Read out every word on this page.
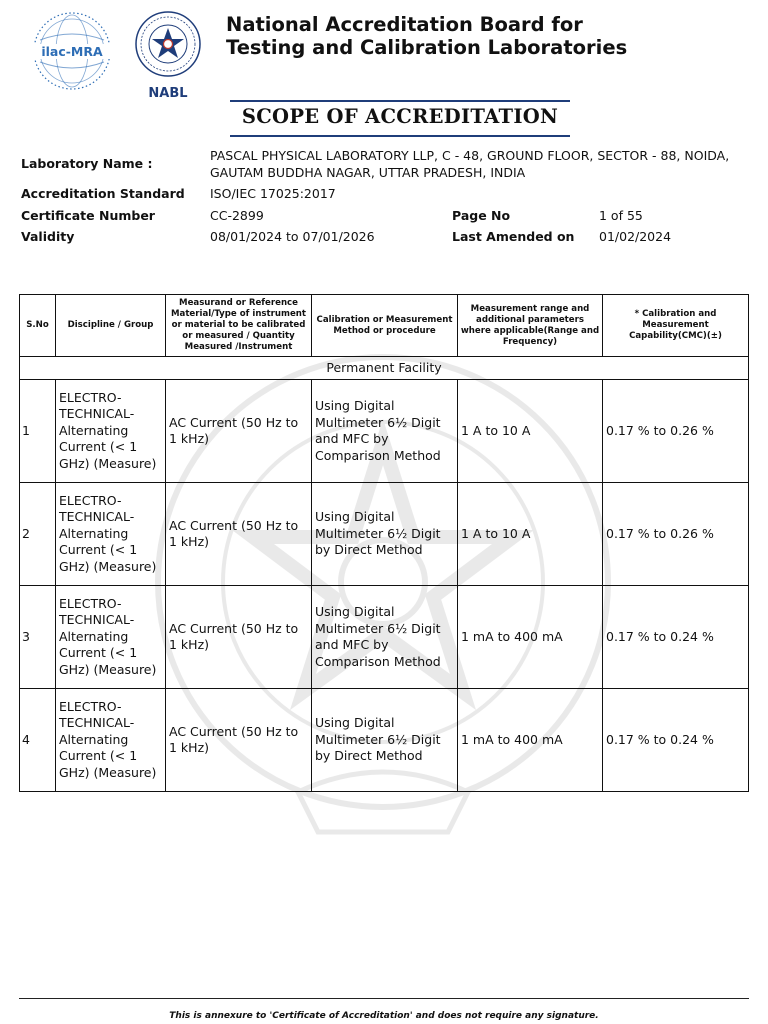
ilac-MRA
NABL
National Accreditation Board for
Testing and Calibration Laboratories
SCOPE OF ACCREDITATION
Laboratory Name :
PASCAL PHYSICAL LABORATORY LLP, C - 48, GROUND FLOOR, SECTOR - 88, NOIDA,
GAUTAM BUDDHA NAGAR, UTTAR PRADESH, INDIA
Accreditation Standard ISO/IEC 17025:2017
Certificate Number	CC-2899	Page No	1 of 55
Validity	08/01/2024 to 07/01/2026	Last Amended on 01/02/2024
S.No	Discipline / Group	Measurand or Reference Material/Type of instrument or material to be calibrated or measured / Quantity Measured /Instrument	Calibration or Measurement Method or procedure	Measurement range and additional parameters where applicable(Range and Frequency)	* Calibration and Measurement Capability(CMC)(±)
Permanent Facility					
1	ELECTRO-TECHNICAL-Alternating Current (< 1 GHz) (Measure)	AC Current (50 Hz to 1 kHz)	Using Digital Multimeter 6½ Digit and MFC by Comparison Method	1 A to 10 A	0.17 % to 0.26 %
2	ELECTRO-TECHNICAL-Alternating Current (< 1 GHz) (Measure)	AC Current (50 Hz to 1 kHz)	Using Digital Multimeter 6½ Digit by Direct Method	1 A to 10 A	0.17 % to 0.26 %
3	ELECTRO-TECHNICAL-Alternating Current (< 1 GHz) (Measure)	AC Current (50 Hz to 1 kHz)	Using Digital Multimeter 6½ Digit and MFC by Comparison Method	1 mA to 400 mA	0.17 % to 0.24 %
4	ELECTRO-TECHNICAL-Alternating Current (< 1 GHz) (Measure)	AC Current (50 Hz to 1 kHz)	Using Digital Multimeter 6½ Digit by Direct Method	1 mA to 400 mA	0.17 % to 0.24 %
This is annexure to 'Certificate of Accreditation' and does not require any signature.
